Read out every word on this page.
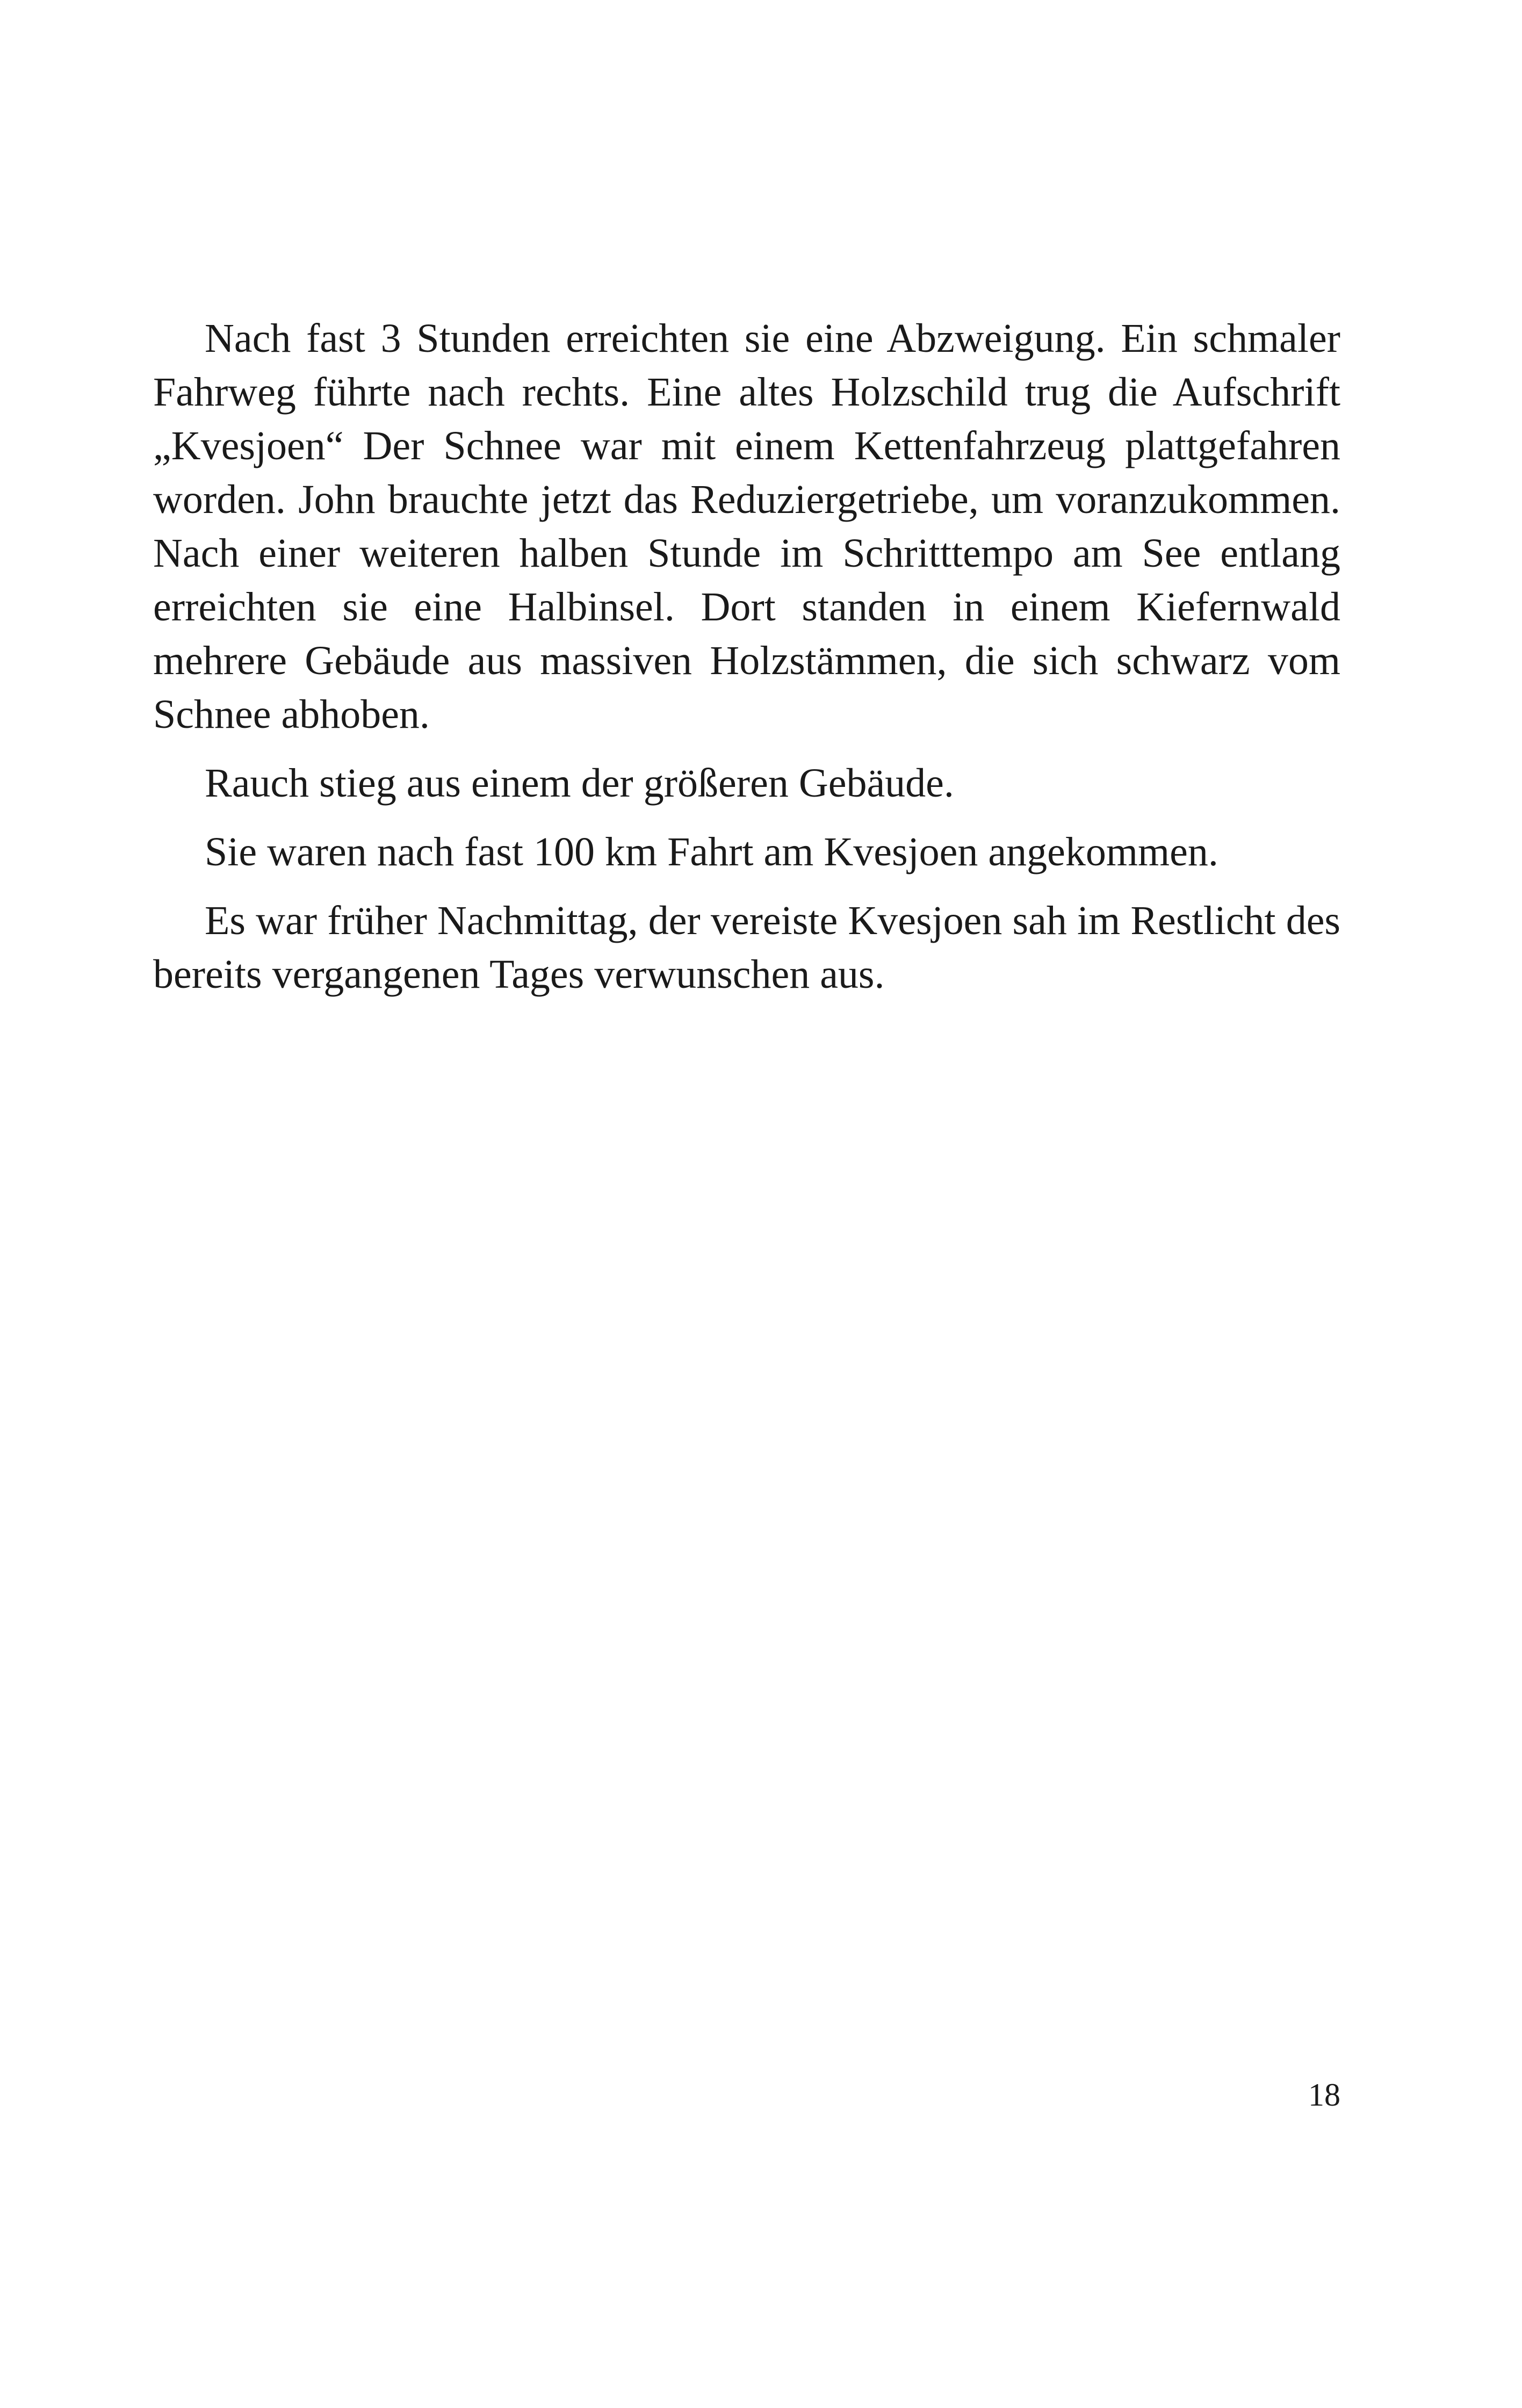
Nach fast 3 Stunden erreichten sie eine Abzweigung. Ein schmaler Fahrweg führte nach rechts. Eine altes Holzschild trug die Aufschrift „Kvesjoen“ Der Schnee war mit einem Kettenfahrzeug plattgefahren worden. John brauchte jetzt das Reduziergetriebe, um voranzukommen. Nach einer weiteren halben Stunde im Schritttempo am See entlang erreichten sie eine Halbinsel. Dort standen in einem Kiefernwald mehrere Gebäude aus massiven Holzstämmen, die sich schwarz vom Schnee abhoben.

Rauch stieg aus einem der größeren Gebäude.

Sie waren nach fast 100 km Fahrt am Kvesjoen angekommen.

Es war früher Nachmittag, der vereiste Kvesjoen sah im Restlicht des bereits vergangenen Tages verwunschen aus.

18
